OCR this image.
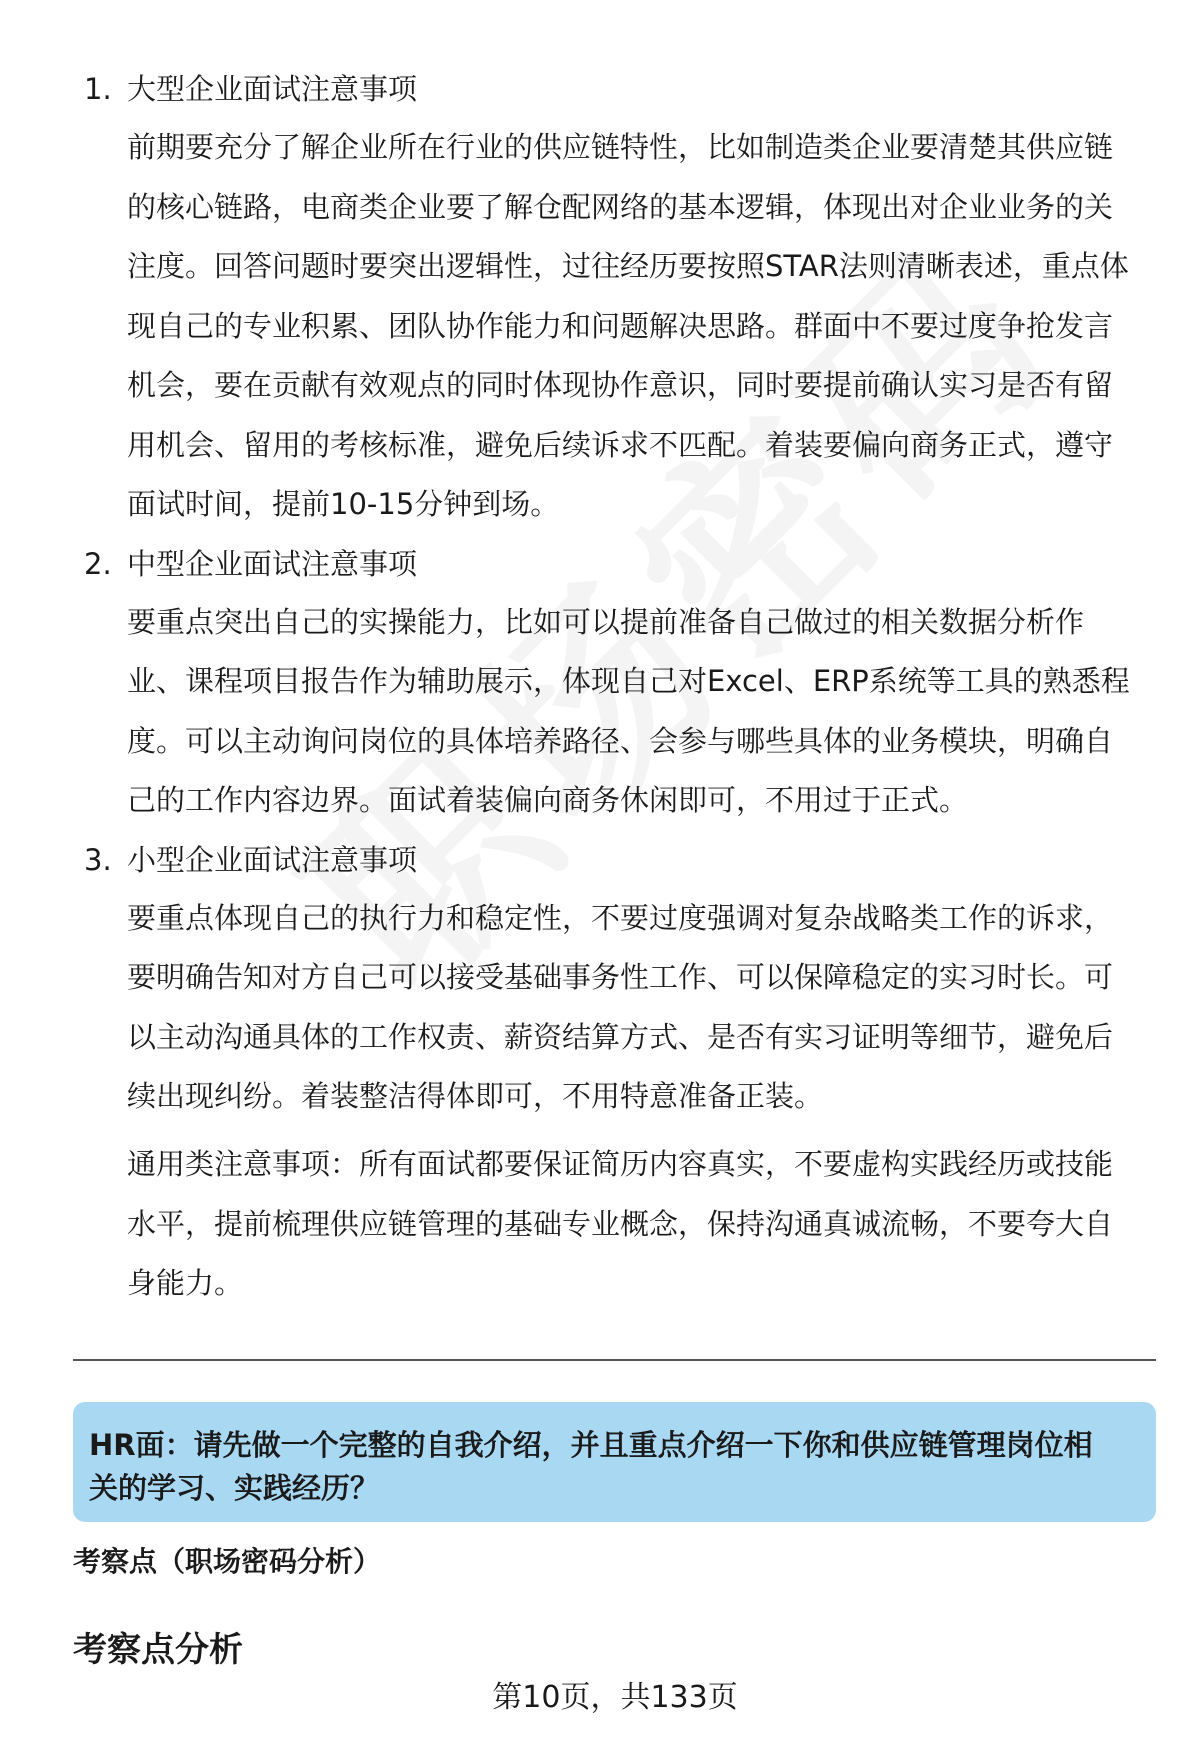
1. 大型企业面试注意事项
前期要充分了解企业所在行业的供应链特性，比如制造类企业要清楚其供应链
的核心链路，电商类企业要了解仓配网络的基本逻辑，体现出对企业业务的关
注度。回答问题时要突出逻辑性，过往经历要按照STAR法则清晰表述，重点体
现自己的专业积累、团队协作能力和问题解决思路。群面中不要过度争抢发言
机会，要在贡献有效观点的同时体现协作意识，同时要提前确认实习是否有留
用机会、留用的考核标准，避免后续诉求不匹配。着装要偏向商务正式，遵守
面试时间，提前10-15分钟到场。
2. 中型企业面试注意事项
要重点突出自己的实操能力，比如可以提前准备自己做过的相关数据分析作
业、课程项目报告作为辅助展示，体现自己对Excel、ERP系统等工具的熟悉程
度。可以主动询问岗位的具体培养路径、会参与哪些具体的业务模块，明确自
己的工作内容边界。面试着装偏向商务休闲即可，不用过于正式。
3. 小型企业面试注意事项
要重点体现自己的执行力和稳定性，不要过度强调对复杂战略类工作的诉求，
要明确告知对方自己可以接受基础事务性工作、可以保障稳定的实习时长。可
以主动沟通具体的工作权责、薪资结算方式、是否有实习证明等细节，避免后
续出现纠纷。着装整洁得体即可，不用特意准备正装。
通用类注意事项：所有面试都要保证简历内容真实，不要虚构实践经历或技能
水平，提前梳理供应链管理的基础专业概念，保持沟通真诚流畅，不要夸大自
身能力。
HR面：请先做一个完整的自我介绍，并且重点介绍一下你和供应链管理岗位相
关的学习、实践经历？
考察点（职场密码分析）
考察点分析
第10页，共133页
